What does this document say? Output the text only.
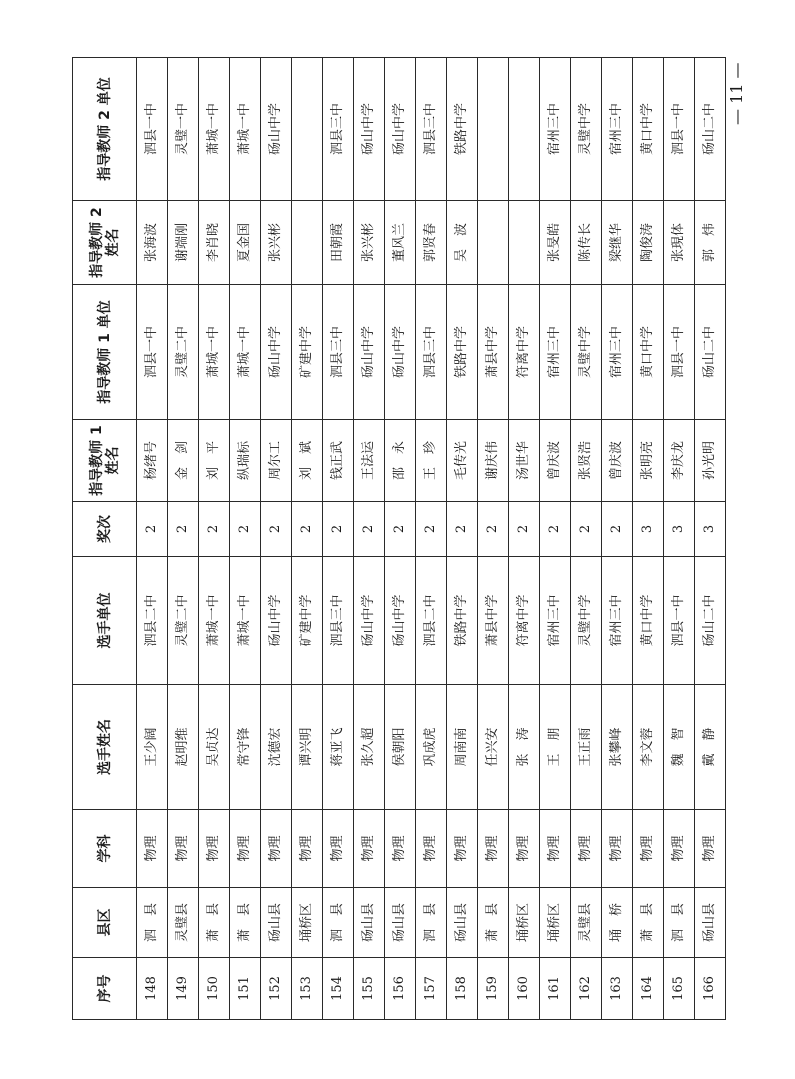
序号	县区	学科	选手姓名	选手单位	奖次	指导教师 1 姓名	指导教师 1 单位	指导教师 2 姓名	指导教师 2 单位
148	泗　县	物理	王少阔	泗县二中	2	杨绪号	泗县一中	张海波	泗县一中
149	灵璧县	物理	赵明维	灵璧二中	2	金　剑	灵璧二中	谢端刚	灵璧一中
150	萧　县	物理	吴贞达	萧城一中	2	刘　平	萧城一中	李肖晓	萧城一中
151	萧　县	物理	常守锋	萧城一中	2	纵瑞标	萧城一中	夏金国	萧城一中
152	砀山县	物理	沈德宏	砀山中学	2	周尔工	砀山中学	张兴彬	砀山中学
153	埇桥区	物理	谭兴明	矿建中学	2	刘　斌	矿建中学		
154	泗　县	物理	蒋亚飞	泗县三中	2	钱正武	泗县三中	田朝霞	泗县三中
155	砀山县	物理	张久超	砀山中学	2	王法运	砀山中学	张兴彬	砀山中学
156	砀山县	物理	侯朝阳	砀山中学	2	邵　永	砀山中学	董风兰	砀山中学
157	泗　县	物理	巩成虎	泗县二中	2	王　珍	泗县三中	郭贤春	泗县三中
158	砀山县	物理	周南南	铁路中学	2	毛传光	铁路中学	吴　波	铁路中学
159	萧　县	物理	任兴安	萧县中学	2	谢庆伟	萧县中学		
160	埇桥区	物理	张　涛	符离中学	2	汤世华	符离中学		
161	埇桥区	物理	王　朋	宿州三中	2	曾庆波	宿州三中	张旻皓	宿州三中
162	灵璧县	物理	王正雨	灵璧中学	2	张贤浩	灵璧中学	陈传长	灵璧中学
163	埇　桥	物理	张攀峰	宿州三中	2	曾庆波	宿州三中	梁继华	宿州三中
164	萧　县	物理	李文蓉	黄口中学	3	张明亮	黄口中学	陶俊涛	黄口中学
165	泗　县	物理	魏　智	泗县一中	3	李庆龙	泗县一中	张現体	泗县一中
166	砀山县	物理	戴　静	砀山二中	3	孙光明	砀山二中	郭　炜	砀山二中
— 11 —
